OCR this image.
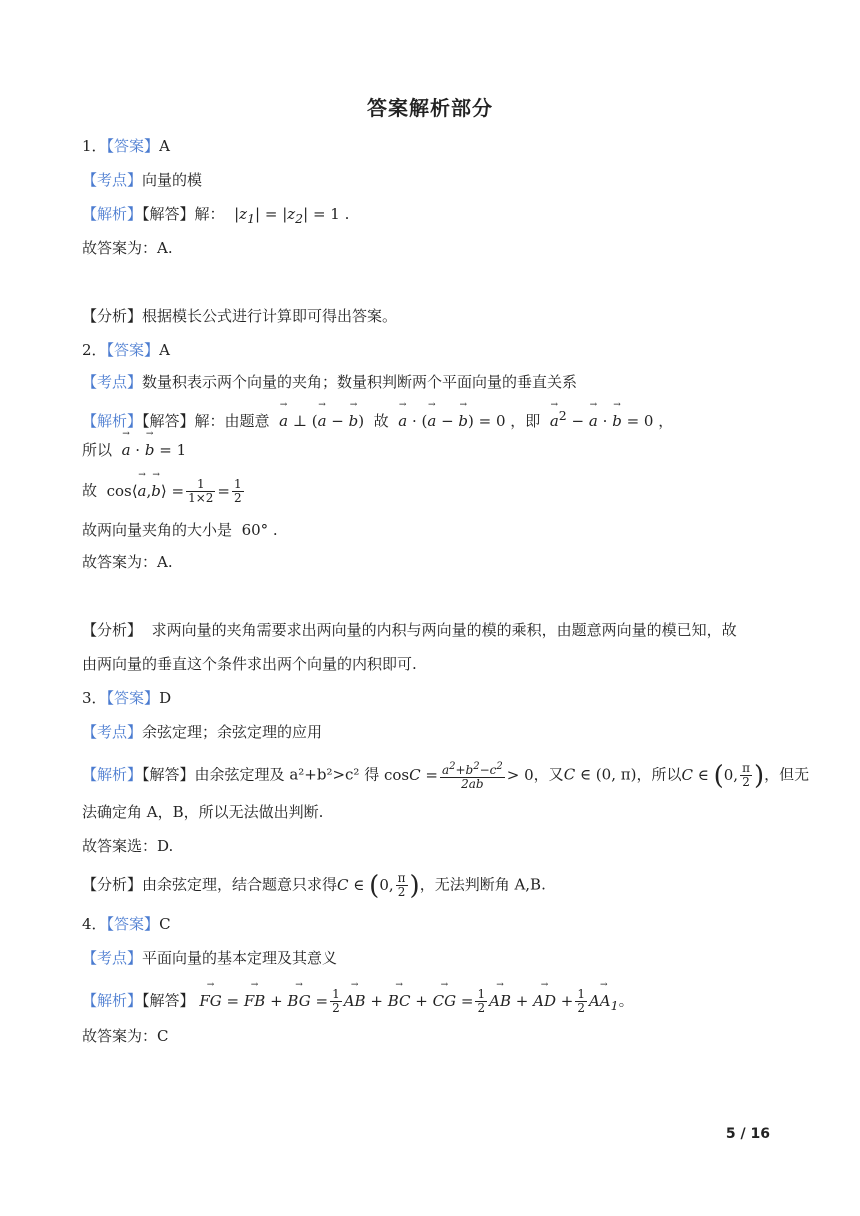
答案解析部分
1．【答案】A
【考点】向量的模
【解析】【解答】解： $|z_1| = |z_2| = 1$ .
故答案为：A.
【分析】根据模长公式进行计算即可得出答案。
2．【答案】A
【考点】数量积表示两个向量的夹角；数量积判断两个平面向量的垂直关系
【解析】【解答】解：由题意  → a ⊥ (→ a − → b)  故  → a · (→ a − → b) = 0 ，即  → $a^2$ − → a · → b = 0 ，
所以  → a · → b = 1
故 cos⟨→ a,→ b⟩ = $\frac{1}{1\times 2} = \frac{1}{2}$
故两向量夹角的大小是 60° .
故答案为：A.
【分析】 求两向量的夹角需要求出两向量的内积与两向量的模的乘积，由题意两向量的模已知，故
由两向量的垂直这个条件求出两个向量的内积即可.
3．【答案】D
【考点】余弦定理；余弦定理的应用
【解析】【解答】由余弦定理及 a²+b²>c² 得 $\cos C = \frac{a^2+b^2-c^2}{2ab} > 0$，又C ∈ (0, π)，所以C ∈ (0, $\frac{\pi}{2}$ )，但无
法确定角 A，B，所以无法做出判断.
故答案选：D.
【分析】由余弦定理，结合题意只求得C ∈ (0, $\frac{\pi}{2}$ )，无法判断角 A,B.
4．【答案】C
【考点】平面向量的基本定理及其意义
【解析】【解答】 → FG = → FB + → BG = $\frac{1}{2}$
→ AB + → BC + → CG = $\frac{1}{2}$
→ AB + → AD + $\frac{1}{2}$
→ $AA_1$。
故答案为：C
5 / 16
